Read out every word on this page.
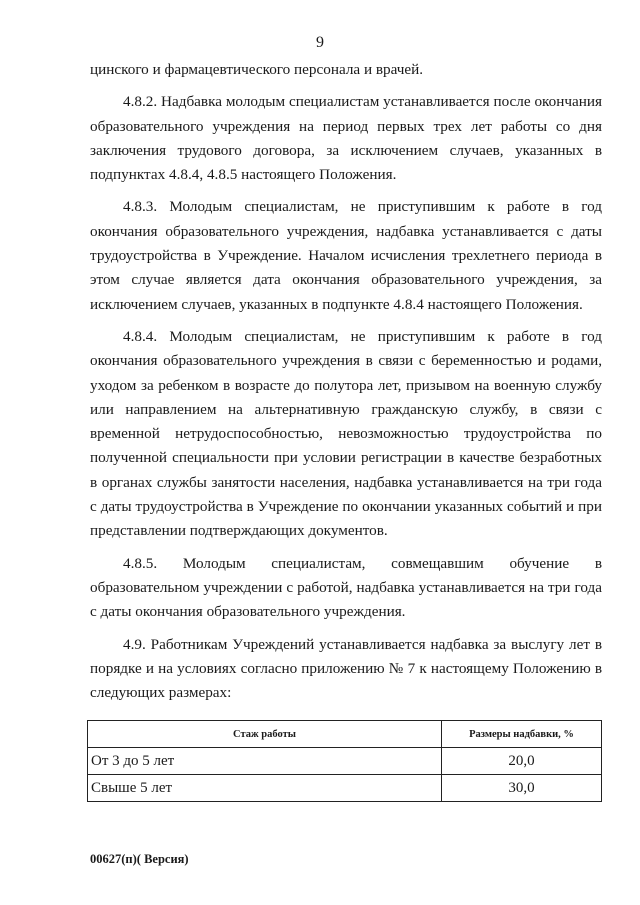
9

цинского и фармацевтического персонала и врачей.

4.8.2. Надбавка молодым специалистам устанавливается после окончания образовательного учреждения на период первых трех лет работы со дня заключения трудового договора, за исключением случаев, указанных в подпунктах 4.8.4, 4.8.5 настоящего Положения.

4.8.3. Молодым специалистам, не приступившим к работе в год окончания образовательного учреждения, надбавка устанавливается с даты трудоустройства в Учреждение. Началом исчисления трехлетнего периода в этом случае является дата окончания образовательного учреждения, за исключением случаев, указанных в подпункте 4.8.4 настоящего Положения.

4.8.4. Молодым специалистам, не приступившим к работе в год окончания образовательного учреждения в связи с беременностью и родами, уходом за ребенком в возрасте до полутора лет, призывом на военную службу или направлением на альтернативную гражданскую службу, в связи с временной нетрудоспособностью, невозможностью трудоустройства по полученной специальности при условии регистрации в качестве безработных в органах службы занятости населения, надбавка устанавливается на три года с даты трудоустройства в Учреждение по окончании указанных событий и при представлении подтверждающих документов.

4.8.5. Молодым специалистам, совмещавшим обучение в образовательном учреждении с работой, надбавка устанавливается на три года с даты окончания образовательного учреждения.

4.9. Работникам Учреждений устанавливается надбавка за выслугу лет в порядке и на условиях согласно приложению № 7 к настоящему Положению в следующих размерах:

Стаж работы	Размеры надбавки, %
От 3 до 5 лет	20,0
Свыше 5 лет	30,0
00627(п)( Версия)
